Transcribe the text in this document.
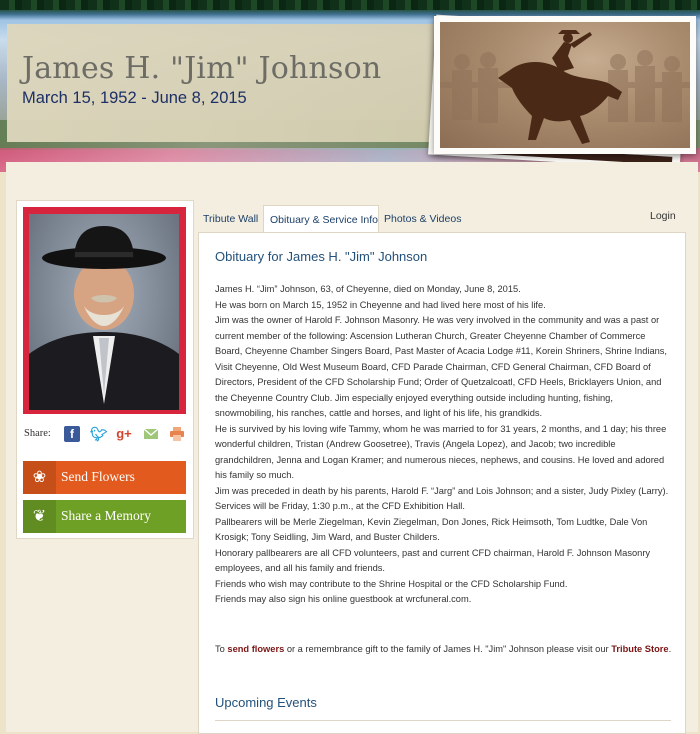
James H. "Jim" Johnson
March 15, 1952 - June 8, 2015
Share:	f	🐦︎ g+
❀	Send Flowers
❦	Share a Memory
Tribute Wall Obituary & Service Info Photos & Videos	Login
Obituary for James H. "Jim" Johnson

James H. “Jim” Johnson, 63, of Cheyenne, died on Monday, June 8, 2015.

He was born on March 15, 1952 in Cheyenne and had lived here most of his life.

Jim was the owner of Harold F. Johnson Masonry. He was very involved in the community and was a past or current member of the following: Ascension Lutheran Church, Greater Cheyenne Chamber of Commerce Board, Cheyenne Chamber Singers Board, Past Master of Acacia Lodge #11, Korein Shriners, Shrine Indians, Visit Cheyenne, Old West Museum Board, CFD Parade Chairman, CFD General Chairman, CFD Board of Directors, President of the CFD Scholarship Fund; Order of Quetzalcoatl, CFD Heels, Bricklayers Union, and the Cheyenne Country Club. Jim especially enjoyed everything outside including hunting, fishing, snowmobiling, his ranches, cattle and horses, and light of his life, his grandkids.

He is survived by his loving wife Tammy, whom he was married to for 31 years, 2 months, and 1 day; his three wonderful children, Tristan (Andrew Goosetree), Travis (Angela Lopez), and Jacob; two incredible grandchildren, Jenna and Logan Kramer; and numerous nieces, nephews, and cousins. He loved and adored his family so much.

Jim was preceded in death by his parents, Harold F. “Jarg” and Lois Johnson; and a sister, Judy Pixley (Larry).

Services will be Friday, 1:30 p.m., at the CFD Exhibition Hall.

Pallbearers will be Merle Ziegelman, Kevin Ziegelman, Don Jones, Rick Heimsoth, Tom Ludtke, Dale Von Krosigk; Tony Seidling, Jim Ward, and Buster Childers.

Honorary pallbearers are all CFD volunteers, past and current CFD chairman, Harold F. Johnson Masonry employees, and all his family and friends.

Friends who wish may contribute to the Shrine Hospital or the CFD Scholarship Fund.

Friends may also sign his online guestbook at wrcfuneral.com.

To send flowers or a remembrance gift to the family of James H. "Jim" Johnson please visit our Tribute Store.
Upcoming Events
